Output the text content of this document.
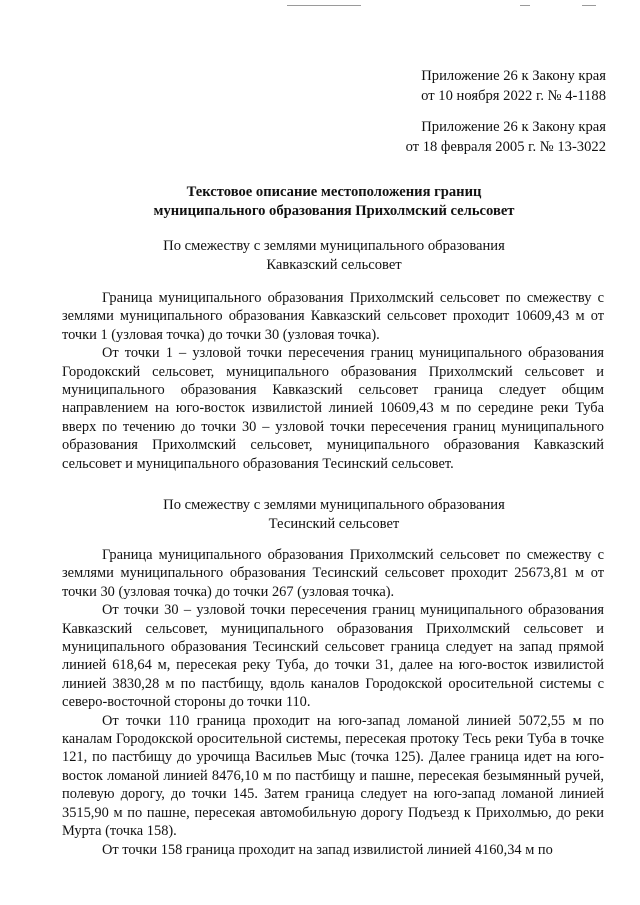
Приложение 26 к Закону края
от 10 ноября 2022 г. № 4-1188
Приложение 26 к Закону края
от 18 февраля 2005 г. № 13-3022
Текстовое описание местоположения границ
муниципального образования Прихолмский сельсовет
По смежеству с землями муниципального образования
Кавказский сельсовет

Граница муниципального образования Прихолмский сельсовет по смежеству с землями муниципального образования Кавказский сельсовет проходит 10609,43 м от точки 1 (узловая точка) до точки 30 (узловая точка).

От точки 1 – узловой точки пересечения границ муниципального образования Городокский сельсовет, муниципального образования Прихолмский сельсовет и муниципального образования Кавказский сельсовет граница следует общим направлением на юго-восток извилистой линией 10609,43 м по середине реки Туба вверх по течению до точки 30 – узловой точки пересечения границ муниципального образования Прихолмский сельсовет, муниципального образования Кавказский сельсовет и муниципального образования Тесинский сельсовет.

По смежеству с землями муниципального образования
Тесинский сельсовет

Граница муниципального образования Прихолмский сельсовет по смежеству с землями муниципального образования Тесинский сельсовет проходит 25673,81 м от точки 30 (узловая точка) до точки 267 (узловая точка).

От точки 30 – узловой точки пересечения границ муниципального образования Кавказский сельсовет, муниципального образования Прихолмский сельсовет и муниципального образования Тесинский сельсовет граница следует на запад прямой линией 618,64 м, пересекая реку Туба, до точки 31, далее на юго-восток извилистой линией 3830,28 м по пастбищу, вдоль каналов Городокской оросительной системы с северо-восточной стороны до точки 110.

От точки 110 граница проходит на юго-запад ломаной линией 5072,55 м по каналам Городокской оросительной системы, пересекая протоку Тесь реки Туба в точке 121, по пастбищу до урочища Васильев Мыс (точка 125). Далее граница идет на юго-восток ломаной линией 8476,10 м по пастбищу и пашне, пересекая безымянный ручей, полевую дорогу, до точки 145. Затем граница следует на юго-запад ломаной линией 3515,90 м по пашне, пересекая автомобильную дорогу Подъезд к Прихолмью, до реки Мурта (точка 158).

От точки 158 граница проходит на запад извилистой линией 4160,34 м по
